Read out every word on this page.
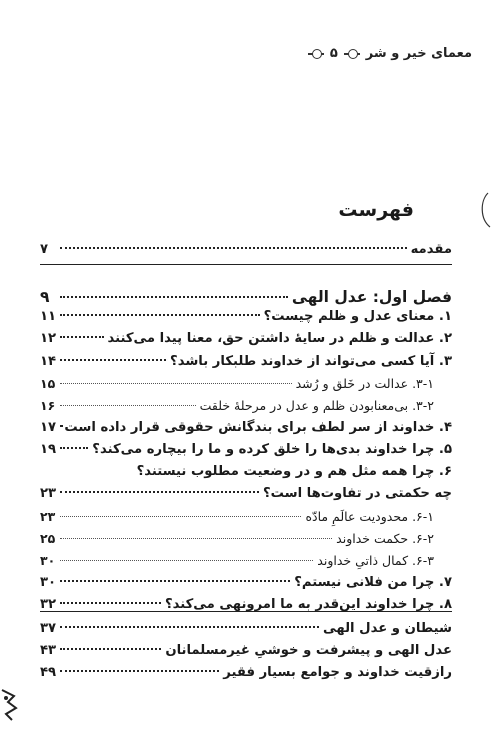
معمای خیر و شر
۵
فهرست
مقدمه
۷
فصل اول: عدل الهی
۹
۱. معنای عدل و ظلم چیست؟
۱۱
۲. عدالت و ظلم در سایهٔ داشتن حق، معنا پیدا می‌کنند
۱۲
۳. آیا کسی می‌تواند از خداوند طلبکار باشد؟
۱۴
۳-۱. عدالت در خَلق و رُشد
۱۵
۳-۲. بی‌معنابودن ظلم و عدل در مرحلهٔ خلقت
۱۶
۴. خداوند از سر لطف برای بندگانش حقوقی قرار داده است
۱۷
۵. چرا خداوند بدی‌ها را خلق کرده و ما را بیچاره می‌کند؟
۱۹
۶. چرا همه مثل هم و در وضعیت مطلوب نیستند؟
چه حکمتی در تفاوت‌ها است؟
۲۳
۶-۱. محدودیت عالَمِ مادّه
۲۳
۶-۲. حکمت خداوند
۲۵
۶-۳. کمال ذاتیِ خداوند
۳۰
۷. چرا من فلانی نیستم؟
۳۰
۸. چرا خداوند این‌قدر به ما امرونهی می‌کند؟
۳۲
شیطان و عدل الهی
۳۷
عدل الهی و پیشرفت و خوشیِ غیرمسلمانان
۴۳
رازقیت خداوند و جوامع بسیار فقیر
۴۹
